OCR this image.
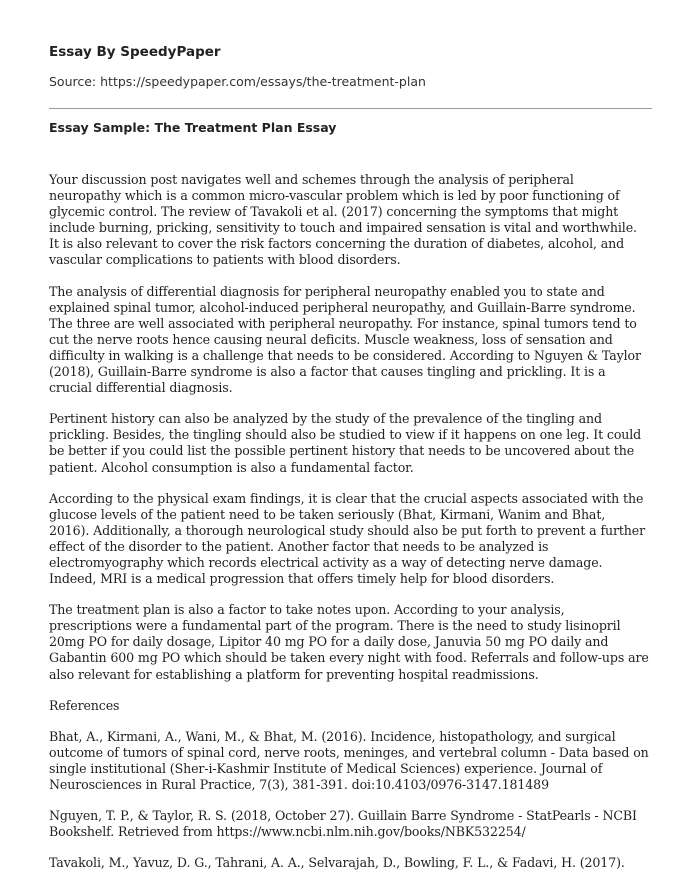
Essay By SpeedyPaper
Source: https://speedypaper.com/essays/the-treatment-plan
Essay Sample: The Treatment Plan Essay

Your discussion post navigates well and schemes through the analysis of peripheral neuropathy which is a common micro-vascular problem which is led by poor functioning of glycemic control. The review of Tavakoli et al. (2017) concerning the symptoms that might include burning, pricking, sensitivity to touch and impaired sensation is vital and worthwhile. It is also relevant to cover the risk factors concerning the duration of diabetes, alcohol, and vascular complications to patients with blood disorders.

The analysis of differential diagnosis for peripheral neuropathy enabled you to state and explained spinal tumor, alcohol-induced peripheral neuropathy, and Guillain-Barre syndrome. The three are well associated with peripheral neuropathy. For instance, spinal tumors tend to cut the nerve roots hence causing neural deficits. Muscle weakness, loss of sensation and difficulty in walking is a challenge that needs to be considered. According to Nguyen & Taylor (2018), Guillain-Barre syndrome is also a factor that causes tingling and prickling. It is a crucial differential diagnosis.

Pertinent history can also be analyzed by the study of the prevalence of the tingling and prickling. Besides, the tingling should also be studied to view if it happens on one leg. It could be better if you could list the possible pertinent history that needs to be uncovered about the patient. Alcohol consumption is also a fundamental factor.

According to the physical exam findings, it is clear that the crucial aspects associated with the glucose levels of the patient need to be taken seriously (Bhat, Kirmani, Wanim and Bhat, 2016). Additionally, a thorough neurological study should also be put forth to prevent a further effect of the disorder to the patient. Another factor that needs to be analyzed is electromyography which records electrical activity as a way of detecting nerve damage. Indeed, MRI is a medical progression that offers timely help for blood disorders.

The treatment plan is also a factor to take notes upon. According to your analysis, prescriptions were a fundamental part of the program. There is the need to study lisinopril 20mg PO for daily dosage, Lipitor 40 mg PO for a daily dose, Januvia 50 mg PO daily and Gabantin 600 mg PO which should be taken every night with food. Referrals and follow-ups are also relevant for establishing a platform for preventing hospital readmissions.

References

Bhat, A., Kirmani, A., Wani, M., & Bhat, M. (2016). Incidence, histopathology, and surgical outcome of tumors of spinal cord, nerve roots, meninges, and vertebral column - Data based on single institutional (Sher-i-Kashmir Institute of Medical Sciences) experience. Journal of Neurosciences in Rural Practice, 7(3), 381-391. doi:10.4103/0976-3147.181489

Nguyen, T. P., & Taylor, R. S. (2018, October 27). Guillain Barre Syndrome - StatPearls - NCBI Bookshelf. Retrieved from https://www.ncbi.nlm.nih.gov/books/NBK532254/

Tavakoli, M., Yavuz, D. G., Tahrani, A. A., Selvarajah, D., Bowling, F. L., & Fadavi, H. (2017).
